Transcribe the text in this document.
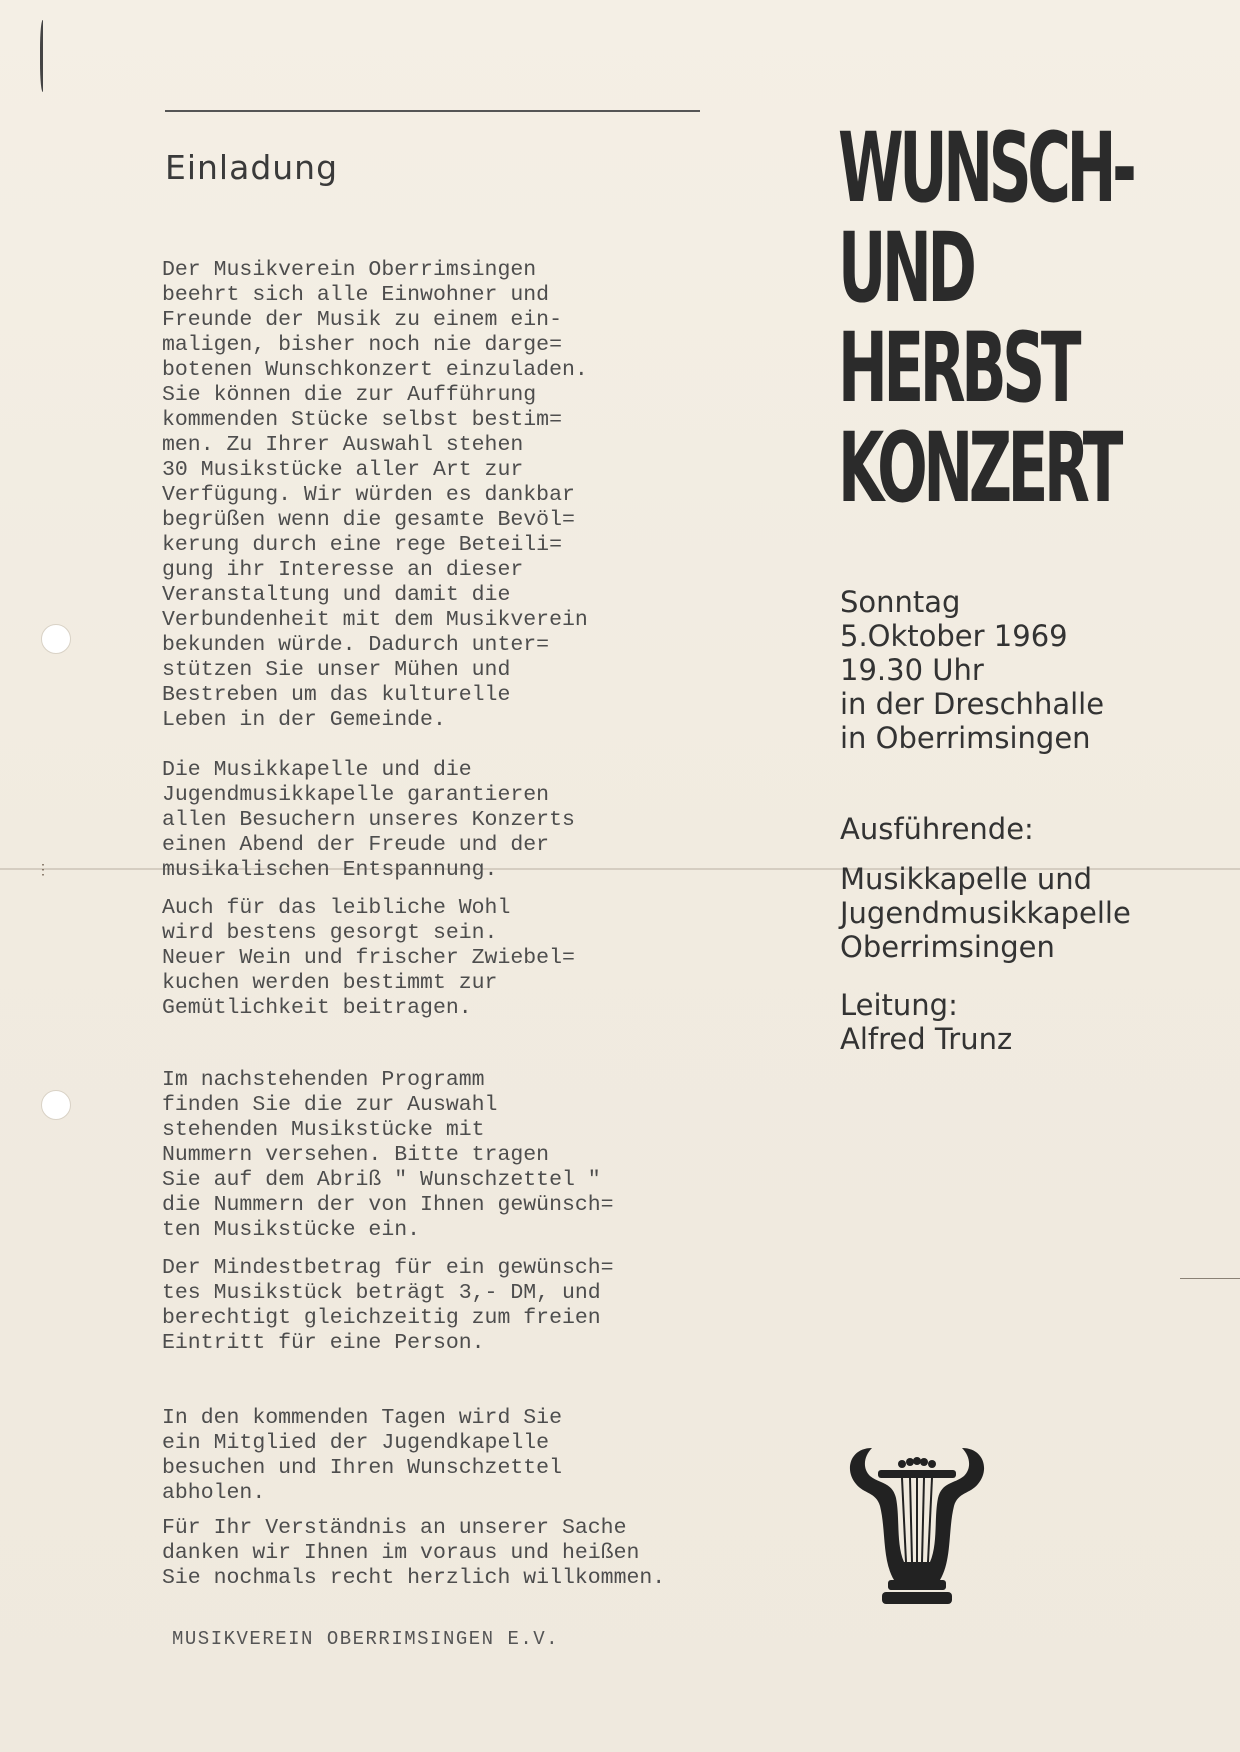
⋮
Einladung
Der Musikverein Oberrimsingen
beehrt sich alle Einwohner und
Freunde der Musik zu einem ein-
maligen, bisher noch nie darge=
botenen Wunschkonzert einzuladen.
Sie können die zur Aufführung
kommenden Stücke selbst bestim=
men. Zu Ihrer Auswahl stehen
30 Musikstücke aller Art zur
Verfügung. Wir würden es dankbar
begrüßen wenn die gesamte Bevöl=
kerung durch eine rege Beteili=
gung ihr Interesse an dieser
Veranstaltung und damit die
Verbundenheit mit dem Musikverein
bekunden würde. Dadurch unter=
stützen Sie unser Mühen und
Bestreben um das kulturelle
Leben in der Gemeinde.
Die Musikkapelle und die
Jugendmusikkapelle garantieren
allen Besuchern unseres Konzerts
einen Abend der Freude und der
musikalischen Entspannung.
Auch für das leibliche Wohl
wird bestens gesorgt sein.
Neuer Wein und frischer Zwiebel=
kuchen werden bestimmt zur
Gemütlichkeit beitragen.
Im nachstehenden Programm
finden Sie die zur Auswahl
stehenden Musikstücke mit
Nummern versehen. Bitte tragen
Sie auf dem Abriß " Wunschzettel "
die Nummern der von Ihnen gewünsch=
ten Musikstücke ein.
Der Mindestbetrag für ein gewünsch=
tes Musikstück beträgt 3,- DM, und
berechtigt gleichzeitig zum freien
Eintritt für eine Person.
In den kommenden Tagen wird Sie
ein Mitglied der Jugendkapelle
besuchen und Ihren Wunschzettel
abholen.
Für Ihr Verständnis an unserer Sache
danken wir Ihnen im voraus und heißen
Sie nochmals recht herzlich willkommen.
MUSIKVEREIN OBERRIMSINGEN E.V.
WUNSCH-
UND
HERBST
KONZERT
Sonntag
5.Oktober 1969
19.30 Uhr
in der Dreschhalle
in Oberrimsingen
Ausführende:
Musikkapelle und
Jugendmusikkapelle
Oberrimsingen
Leitung:
Alfred Trunz
